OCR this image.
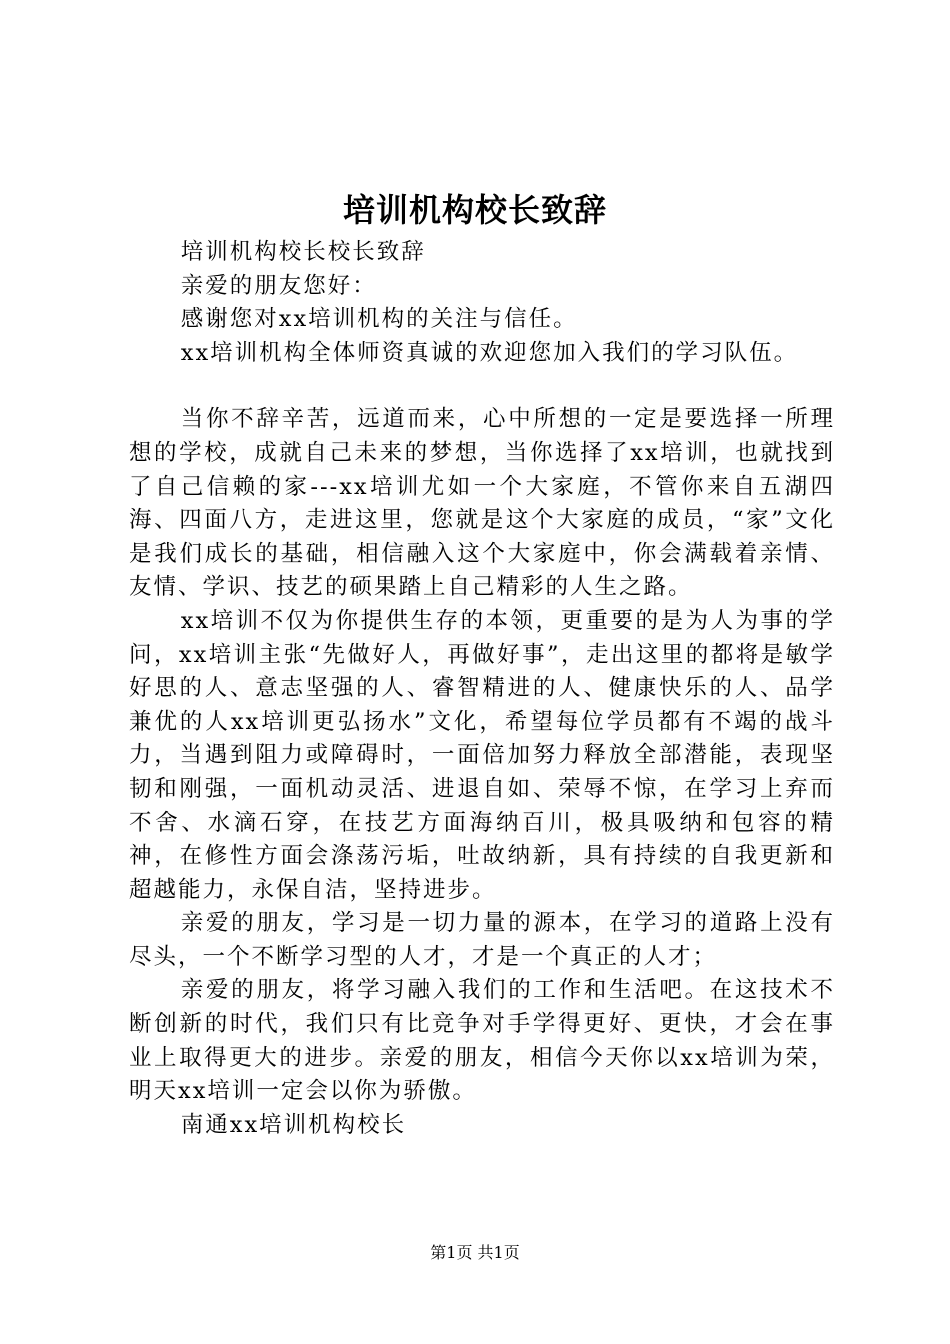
培训机构校长致辞

培训机构校长校长致辞

亲爱的朋友您好：

感谢您对xx培训机构的关注与信任。

xx培训机构全体师资真诚的欢迎您加入我们的学习队伍。

当你不辞辛苦，远道而来，心中所想的一定是要选择一所理想的学校，成就自己未来的梦想，当你选择了xx培训，也就找到了自己信赖的家---xx培训尤如一个大家庭，不管你来自五湖四海、四面八方，走进这里，您就是这个大家庭的成员，“家”文化是我们成长的基础，相信融入这个大家庭中，你会满载着亲情、友情、学识、技艺的硕果踏上自己精彩的人生之路。

xx培训不仅为你提供生存的本领，更重要的是为人为事的学问，xx培训主张“先做好人，再做好事”，走出这里的都将是敏学好思的人、意志坚强的人、睿智精进的人、健康快乐的人、品学兼优的人xx培训更弘扬水”文化，希望每位学员都有不竭的战斗力，当遇到阻力或障碍时，一面倍加努力释放全部潜能，表现坚韧和刚强，一面机动灵活、进退自如、荣辱不惊，在学习上弃而不舍、水滴石穿，在技艺方面海纳百川，极具吸纳和包容的精神，在修性方面会涤荡污垢，吐故纳新，具有持续的自我更新和超越能力，永保自洁，坚持进步。

亲爱的朋友，学习是一切力量的源本，在学习的道路上没有尽头，一个不断学习型的人才，才是一个真正的人才；

亲爱的朋友，将学习融入我们的工作和生活吧。在这技术不断创新的时代，我们只有比竞争对手学得更好、更快，才会在事业上取得更大的进步。亲爱的朋友，相信今天你以xx培训为荣，明天xx培训一定会以你为骄傲。

南通xx培训机构校长

第1页 共1页
